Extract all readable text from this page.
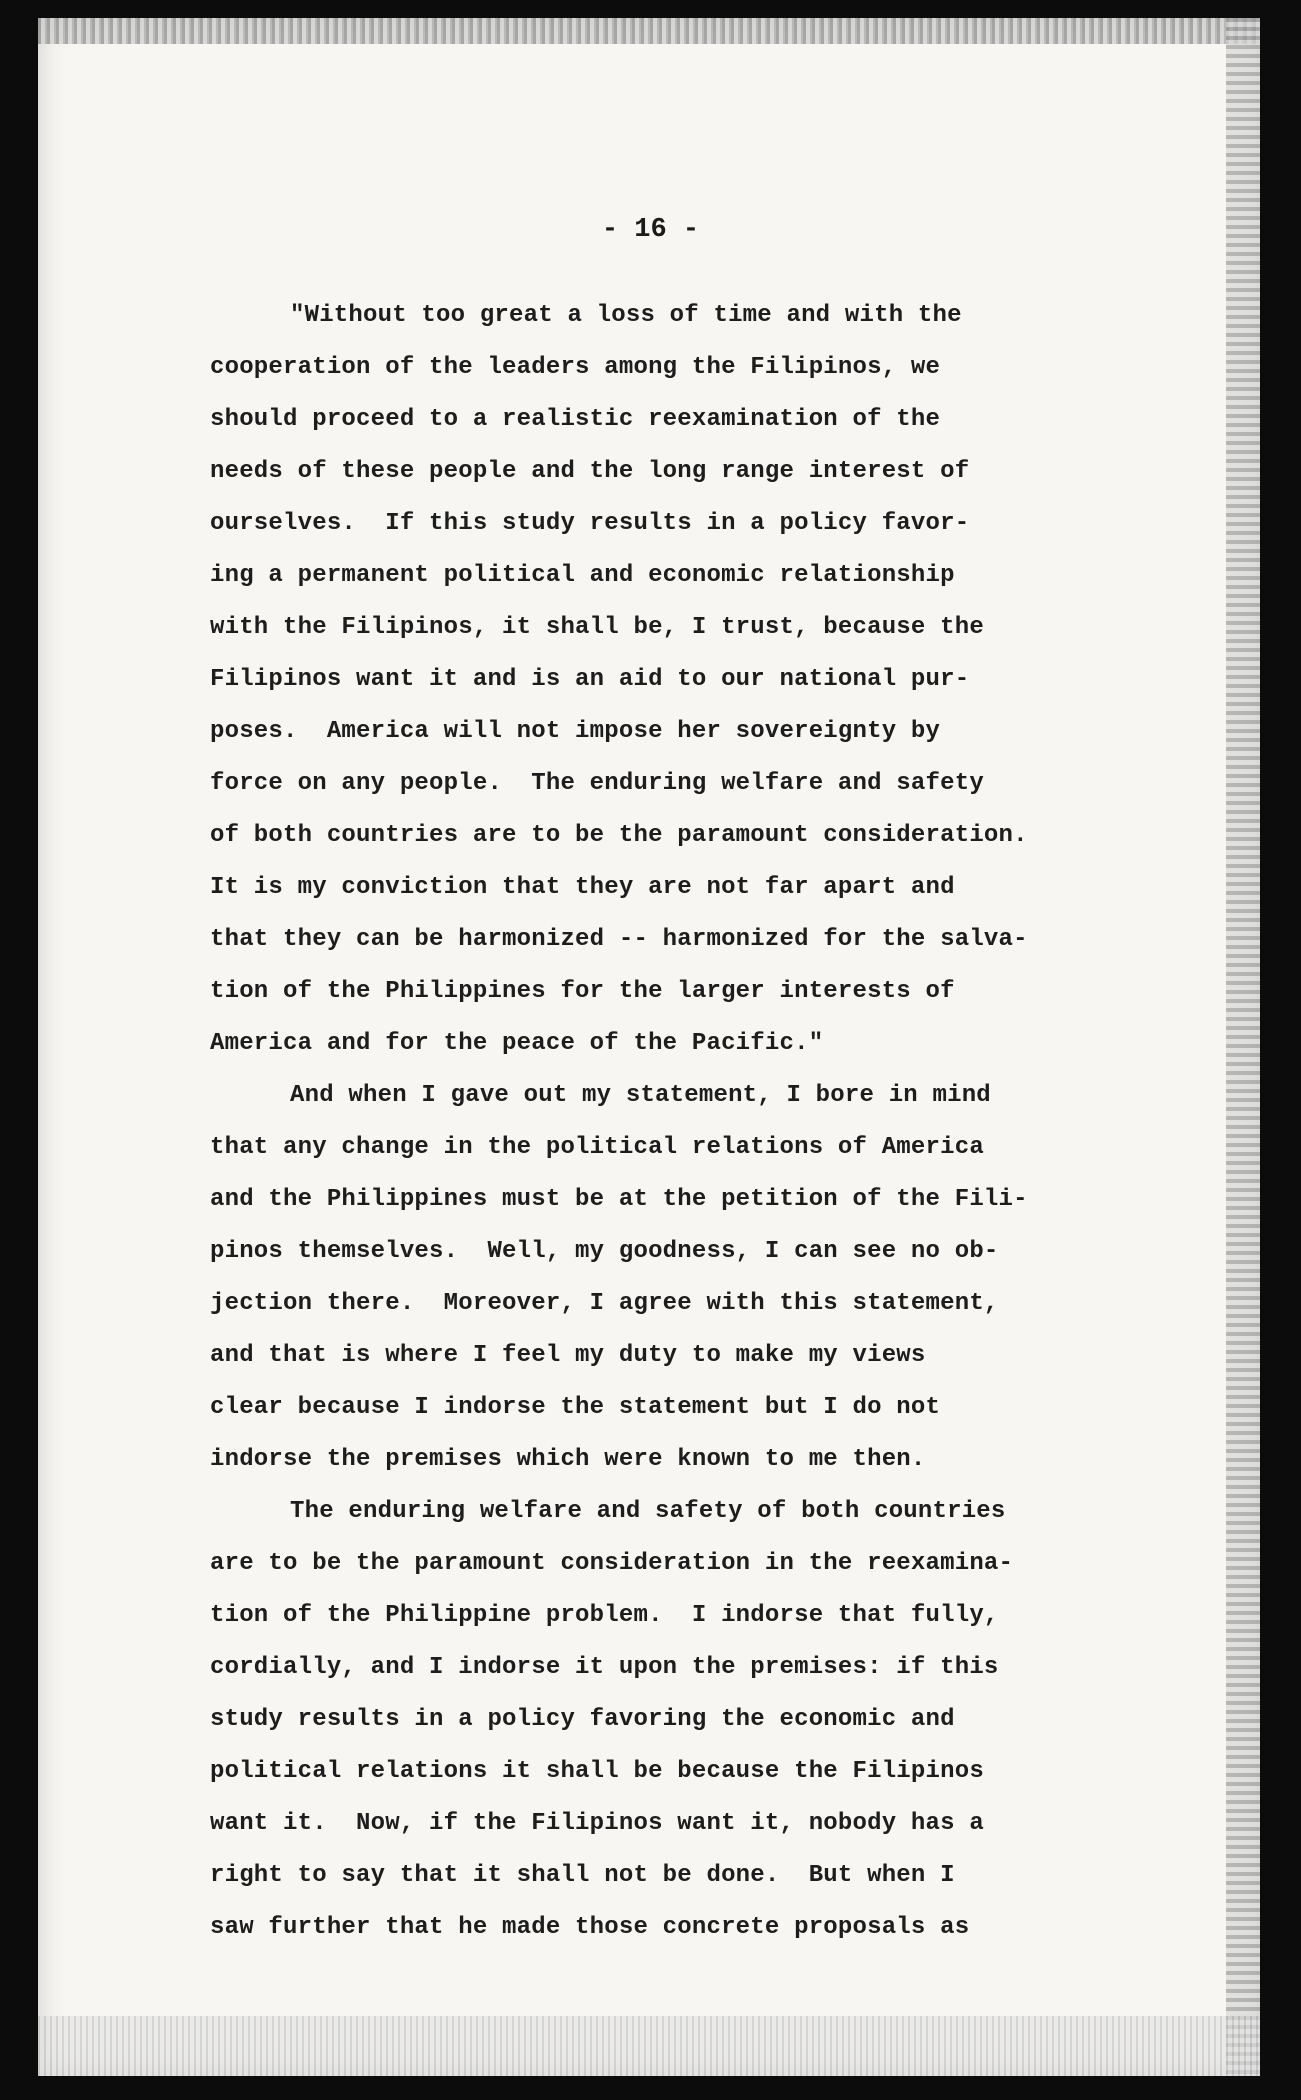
- 16 -
"Without too great a loss of time and with the
cooperation of the leaders among the Filipinos, we
should proceed to a realistic reexamination of the
needs of these people and the long range interest of
ourselves.  If this study results in a policy favor-
ing a permanent political and economic relationship
with the Filipinos, it shall be, I trust, because the
Filipinos want it and is an aid to our national pur-
poses.  America will not impose her sovereignty by
force on any people.  The enduring welfare and safety
of both countries are to be the paramount consideration.
It is my conviction that they are not far apart and
that they can be harmonized -- harmonized for the salva-
tion of the Philippines for the larger interests of
America and for the peace of the Pacific."
And when I gave out my statement, I bore in mind
that any change in the political relations of America
and the Philippines must be at the petition of the Fili-
pinos themselves.  Well, my goodness, I can see no ob-
jection there.  Moreover, I agree with this statement,
and that is where I feel my duty to make my views
clear because I indorse the statement but I do not
indorse the premises which were known to me then.
The enduring welfare and safety of both countries
are to be the paramount consideration in the reexamina-
tion of the Philippine problem.  I indorse that fully,
cordially, and I indorse it upon the premises: if this
study results in a policy favoring the economic and
political relations it shall be because the Filipinos
want it.  Now, if the Filipinos want it, nobody has a
right to say that it shall not be done.  But when I
saw further that he made those concrete proposals as
